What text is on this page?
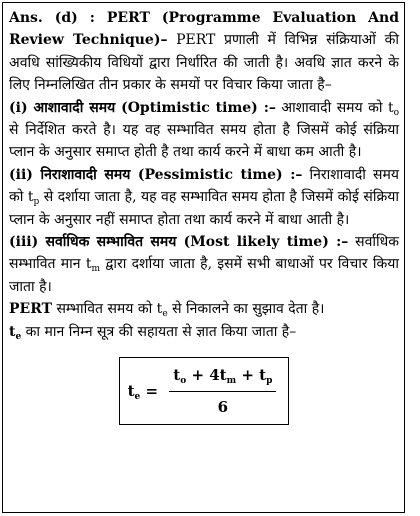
Ans. (d) : PERT (Programme Evaluation And Review Technique)– PERT प्रणाली में विभिन्न संक्रियाओं की अवधि सांख्यिकीय विधियों द्वारा निर्धारित की जाती है। अवधि ज्ञात करने के लिए निम्नलिखित तीन प्रकार के समयों पर विचार किया जाता है–

(i) आशावादी समय (Optimistic time) :– आशावादी समय को $t_o$ से निर्देशित करते है। यह वह सम्भावित समय होता है जिसमें कोई संक्रिया प्लान के अनुसार समाप्त होती है तथा कार्य करने में बाधा कम आती है।

(ii) निराशावादी समय (Pessimistic time) :– निराशावादी समय को $t_p$ से दर्शाया जाता है, यह वह सम्भावित समय होता है जिसमें कोई संक्रिया प्लान के अनुसार नहीं समाप्त होता तथा कार्य करने में बाधा आती है।

(iii) सर्वाधिक सम्भावित समय (Most likely time) :– सर्वाधिक सम्भावित मान $t_m$ द्वारा दर्शाया जाता है, इसमें सभी बाधाओं पर विचार किया जाता है।

PERT सम्भावित समय को $t_e$ से निकालने का सुझाव देता है।

$t_e$ का मान निम्न सूत्र की सहायता से ज्ञात किया जाता है–

$t_e = \frac{t_o + 4t_m + t_p}{6}$
